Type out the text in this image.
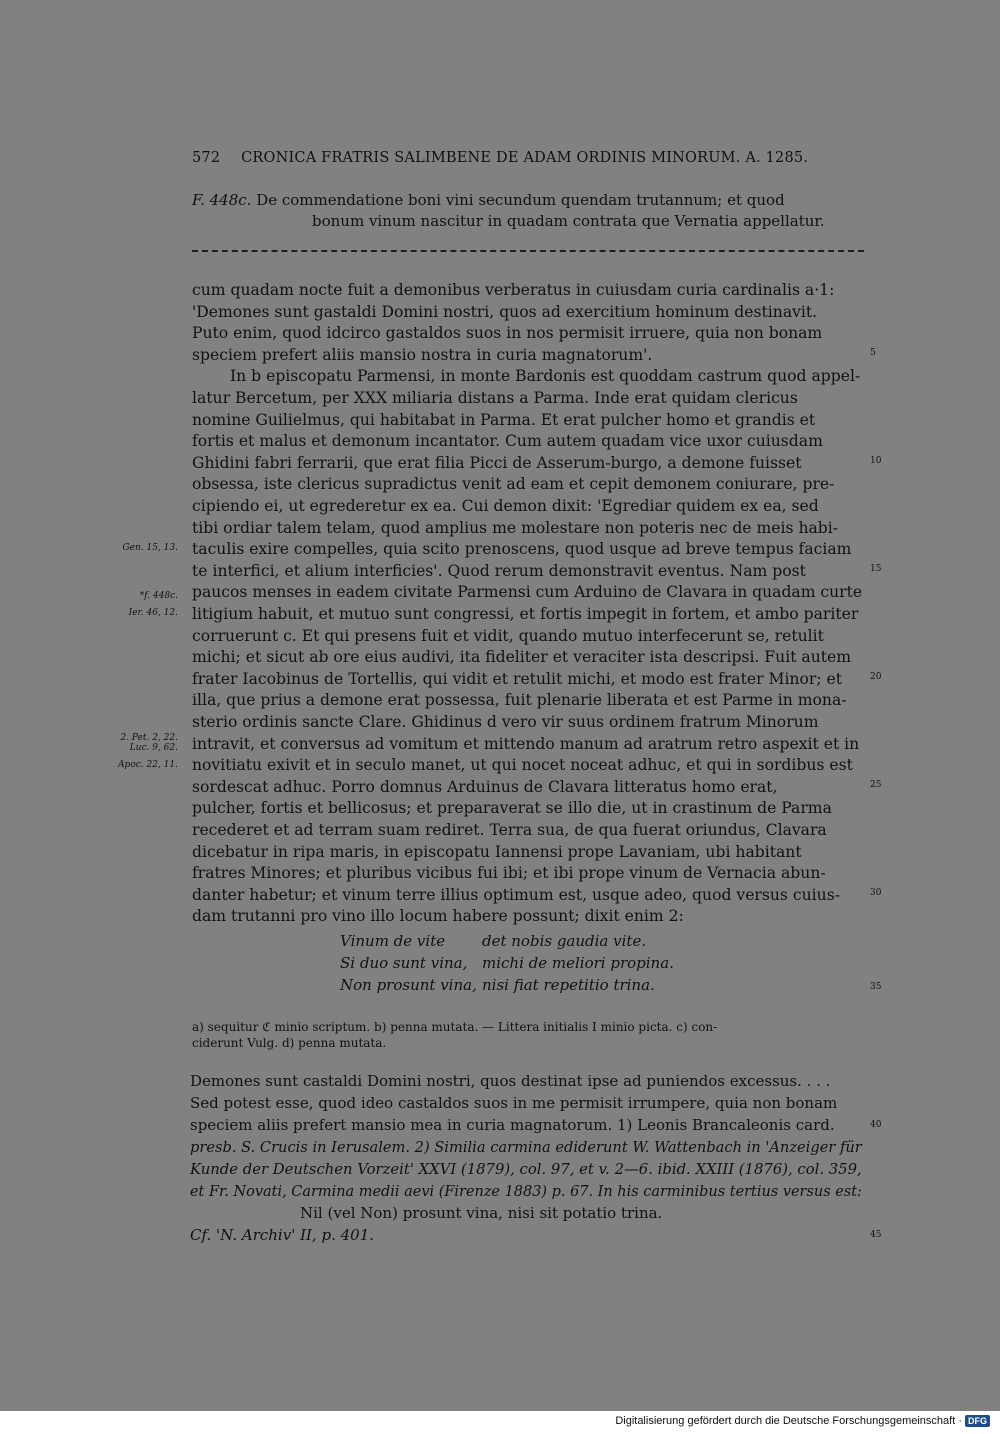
572 CRONICA FRATRIS SALIMBENE DE ADAM ORDINIS MINORUM. A. 1285.
F. 448c. De commendatione boni vini secundum quendam trutannum; et quod
bonum vinum nascitur in quadam contrata que Vernatia appellatur.
cum quadam nocte fuit a demonibus verberatus in cuiusdam curia cardinalis a·1:
'Demones sunt gastaldi Domini nostri, quos ad exercitium hominum destinavit.
Puto enim, quod idcirco gastaldos suos in nos permisit irruere, quia non bonam
speciem prefert aliis mansio nostra in curia magnatorum'.
In b episcopatu Parmensi, in monte Bardonis est quoddam castrum quod appel-
latur Bercetum, per XXX miliaria distans a Parma. Inde erat quidam clericus
nomine Guilielmus, qui habitabat in Parma. Et erat pulcher homo et grandis et
fortis et malus et demonum incantator. Cum autem quadam vice uxor cuiusdam
Ghidini fabri ferrarii, que erat filia Picci de Asserum-burgo, a demone fuisset
obsessa, iste clericus supradictus venit ad eam et cepit demonem coniurare, pre-
cipiendo ei, ut egrederetur ex ea. Cui demon dixit: 'Egrediar quidem ex ea, sed
tibi ordiar talem telam, quod amplius me molestare non poteris nec de meis habi-
taculis exire compelles, quia scito prenoscens, quod usque ad breve tempus faciam
te interfici, et alium interficies'. Quod rerum demonstravit eventus. Nam post
paucos menses in eadem civitate Parmensi cum Arduino de Clavara in quadam curte
litigium habuit, et mutuo sunt congressi, et fortis impegit in fortem, et ambo pariter
corruerunt c. Et qui presens fuit et vidit, quando mutuo interfecerunt se, retulit
michi; et sicut ab ore eius audivi, ita fideliter et veraciter ista descripsi. Fuit autem
frater Iacobinus de Tortellis, qui vidit et retulit michi, et modo est frater Minor; et
illa, que prius a demone erat possessa, fuit plenarie liberata et est Parme in mona-
sterio ordinis sancte Clare. Ghidinus d vero vir suus ordinem fratrum Minorum
intravit, et conversus ad vomitum et mittendo manum ad aratrum retro aspexit et in
novitiatu exivit et in seculo manet, ut qui nocet noceat adhuc, et qui in sordibus est
sordescat adhuc. Porro domnus Arduinus de Clavara litteratus homo erat,
pulcher, fortis et bellicosus; et preparaverat se illo die, ut in crastinum de Parma
recederet et ad terram suam rediret. Terra sua, de qua fuerat oriundus, Clavara
dicebatur in ripa maris, in episcopatu Iannensi prope Lavaniam, ubi habitant
fratres Minores; et pluribus vicibus fui ibi; et ibi prope vinum de Vernacia abun-
danter habetur; et vinum terre illius optimum est, usque adeo, quod versus cuius-
dam trutanni pro vino illo locum habere possunt; dixit enim 2:
5
10
15
20
25
30
35
Gen. 15, 13.
*f. 448c.
Ier. 46, 12.
2. Pet. 2, 22.
Luc. 9, 62.
Apoc. 22, 11.
Vinum de vite det nobis gaudia vite.
Si duo sunt vina, michi de meliori propina.
Non prosunt vina, nisi fiat repetitio trina.
a) sequitur ℭ minio scriptum. b) penna mutata. — Littera initialis I minio picta. c) con-
ciderunt Vulg. d) penna mutata.
Demones sunt castaldi Domini nostri, quos destinat ipse ad puniendos excessus. . . .
Sed potest esse, quod ideo castaldos suos in me permisit irrumpere, quia non bonam
speciem aliis prefert mansio mea in curia magnatorum. 1) Leonis Brancaleonis card.
presb. S. Crucis in Ierusalem. 2) Similia carmina ediderunt W. Wattenbach in 'Anzeiger für
Kunde der Deutschen Vorzeit' XXVI (1879), col. 97, et v. 2—6. ibid. XXIII (1876), col. 359,
et Fr. Novati, Carmina medii aevi (Firenze 1883) p. 67. In his carminibus tertius versus est:
Nil (vel Non) prosunt vina, nisi sit potatio trina.
Cf. 'N. Archiv' II, p. 401.
40
45
Digitalisierung gefördert durch die Deutsche Forschungsgemeinschaft · DFG
